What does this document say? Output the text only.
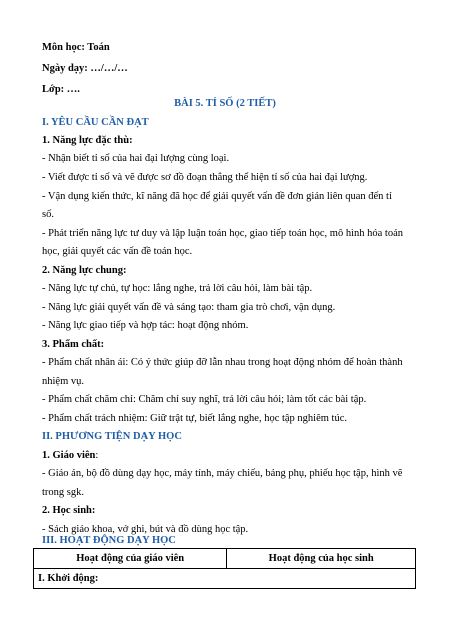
Môn học: Toán
Ngày dạy: …/…/…
Lớp: ….
BÀI 5. TỈ SỐ (2 TIẾT)
I. YÊU CẦU CẦN ĐẠT
1. Năng lực đặc thù:
- Nhận biết tỉ số của hai đại lượng cùng loại.
- Viết được tỉ số và vẽ được sơ đồ đoạn thẳng thể hiện tỉ số của hai đại lượng.
- Vận dụng kiến thức, kĩ năng đã học để giải quyết vấn đề đơn giản liên quan đến tỉ
số.
- Phát triển năng lực tư duy và lập luận toán học, giao tiếp toán học, mô hình hóa toán
học, giải quyết các vấn đề toán học.
2. Năng lực chung:
- Năng lực tự chủ, tự học: lắng nghe, trả lời câu hỏi, làm bài tập.
- Năng lực giải quyết vấn đề và sáng tạo: tham gia trò chơi, vận dụng.
- Năng lực giao tiếp và hợp tác: hoạt động nhóm.
3. Phẩm chất:
- Phẩm chất nhân ái: Có ý thức giúp đỡ lẫn nhau trong hoạt động nhóm để hoàn thành
nhiệm vụ.
- Phẩm chất chăm chỉ: Chăm chỉ suy nghĩ, trả lời câu hỏi; làm tốt các bài tập.
- Phẩm chất trách nhiệm: Giữ trật tự, biết lắng nghe, học tập nghiêm túc.
II. PHƯƠNG TIỆN DẠY HỌC
1. Giáo viên:
- Giáo án, bộ đồ dùng dạy học, máy tính, máy chiếu, bảng phụ, phiếu học tập, hình vẽ
trong sgk.
2. Học sinh:
- Sách giáo khoa, vở ghi, bút và đồ dùng học tập.
III. HOẠT ĐỘNG DẠY HỌC
Hoạt động của giáo viên	Hoạt động của học sinh
I. Khởi động:
